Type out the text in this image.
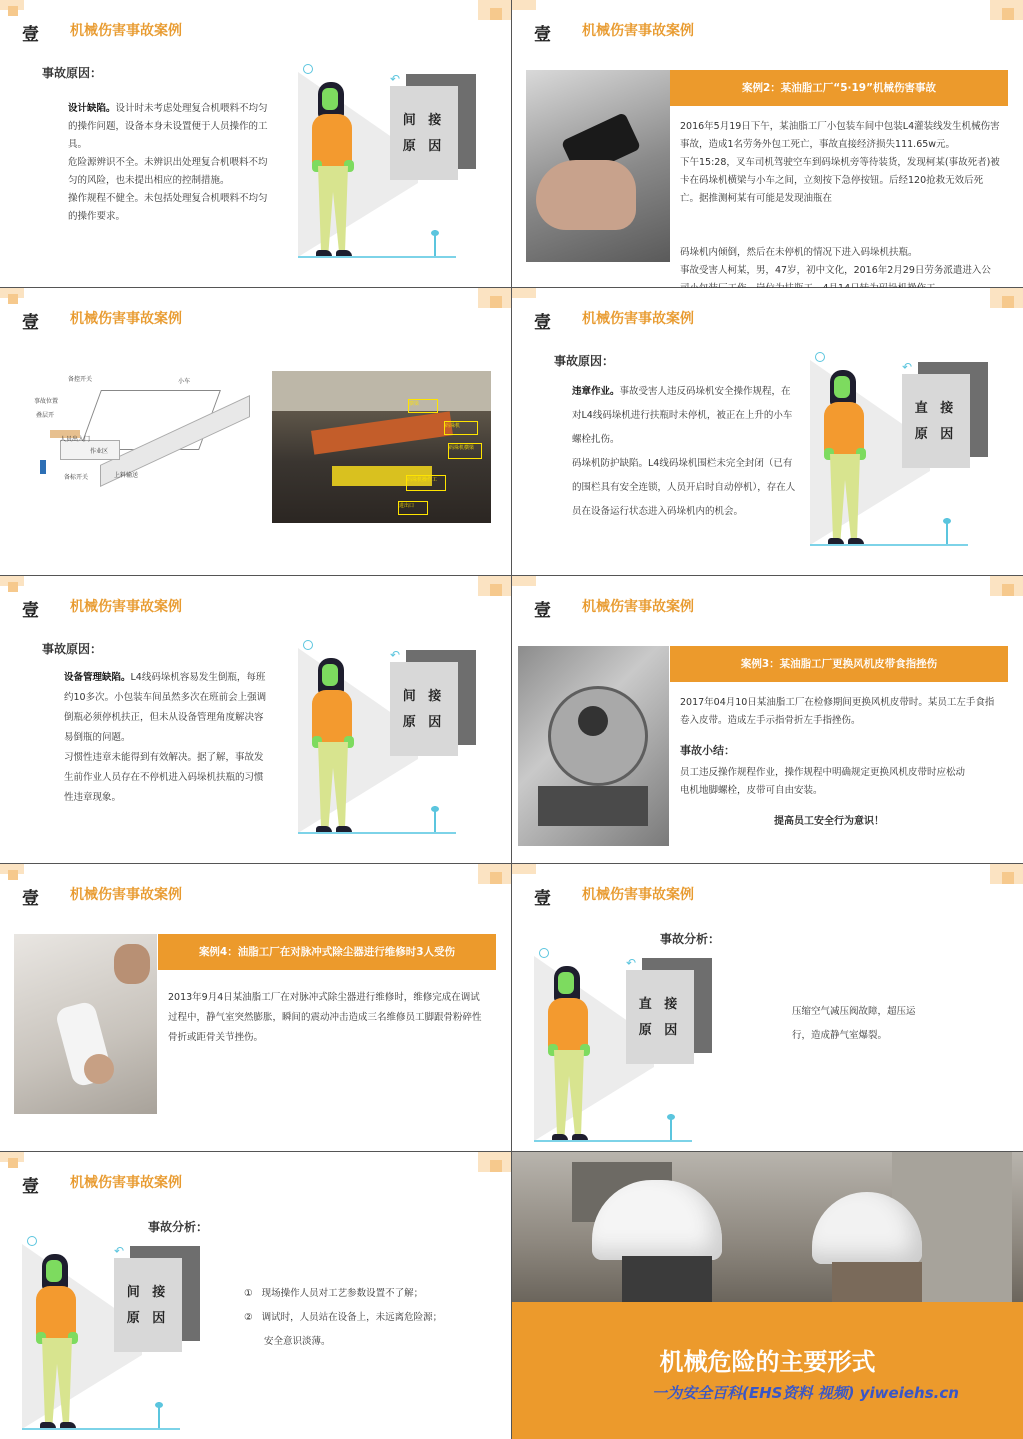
壹 机械伤害事故案例
事故原因：

设计缺陷。设计时未考虑处理复合机喂料不均匀的操作问题，设备本身未设置便于人员操作的工具。

危险源辨识不全。未辨识出处理复合机喂料不均匀的风险，也未提出相应的控制措施。

操作规程不健全。未包括处理复合机喂料不均匀的操作要求。

↶
间 接
原 因
壹 机械伤害事故案例
案例2：某油脂工厂“5·19”机械伤害事故

2016年5月19日下午，某油脂工厂小包装车间中包装L4灌装线发生机械伤害事故，造成1名劳务外包工死亡，事故直接经济损失111.65w元。

下午15:28，叉车司机驾驶空车到码垛机旁等待装货，发现柯某(事故死者)被卡在码垛机横梁与小车之间，立刻按下急停按钮。后经120抢救无效后死亡。据推测柯某有可能是发现油瓶在

码垛机内倾倒，然后在未停机的情况下进入码垛机扶瓶。

事故受害人柯某，男，47岁，初中文化，2016年2月29日劳务派遣进入公

壹 机械伤害事故案例
备控开关	小车
事故位置
叠层开
人员出入门
作业区
备标开关	上料输送
横梁
码垛机
码垛机横梁
码垛机操作工
进出口
壹 机械伤害事故案例
事故原因：

违章作业。事故受害人违反码垛机安全操作规程，在对L4线码垛机进行扶瓶时未停机，被正在上升的小车螺栓扎伤。

码垛机防护缺陷。L4线码垛机围栏未完全封闭（已有的围栏具有安全连锁，人员开启时自动停机），存在人员在设备运行状态进入码垛机内的机会。

↶
直 接
原 因
壹 机械伤害事故案例
事故原因：

设备管理缺陷。L4线码垛机容易发生倒瓶，每班约10多次。小包装车间虽然多次在班前会上强调倒瓶必须停机扶正，但未从设备管理角度解决容易倒瓶的问题。

习惯性违章未能得到有效解决。据了解，事故发生前作业人员存在不停机进入码垛机扶瓶的习惯性违章现象。

↶
间 接
原 因
壹 机械伤害事故案例
案例3：某油脂工厂更换风机皮带食指挫伤
2017年04月10日某油脂工厂在检修期间更换风机皮带时。某员工左手食指卷入皮带。造成左手示指骨折左手指挫伤。
事故小结：
员工违反操作规程作业，操作规程中明确规定更换风机皮带时应松动电机地脚螺栓，皮带可自由安装。
提高员工安全行为意识！
壹 机械伤害事故案例
案例4：油脂工厂在对脉冲式除尘器进行维修时3人受伤
2013年9月4日某油脂工厂在对脉冲式除尘器进行维修时，维修完成在调试过程中，静气室突然膨胀，瞬间的震动冲击造成三名维修员工脚跟骨粉碎性骨折或距骨关节挫伤。
壹 机械伤害事故案例
事故分析：
↶
直 接
原 因
压缩空气减压阀故障，超压运行，造成静气室爆裂。
壹 机械伤害事故案例
事故分析：
↶
间 接
原 因
① 现场操作人员对工艺参数设置不了解；
② 调试时，人员站在设备上，未远离危险源；
安全意识淡薄。
机械危险的主要形式
一为安全百科(EHS资料 视频) yiweiehs.cn
